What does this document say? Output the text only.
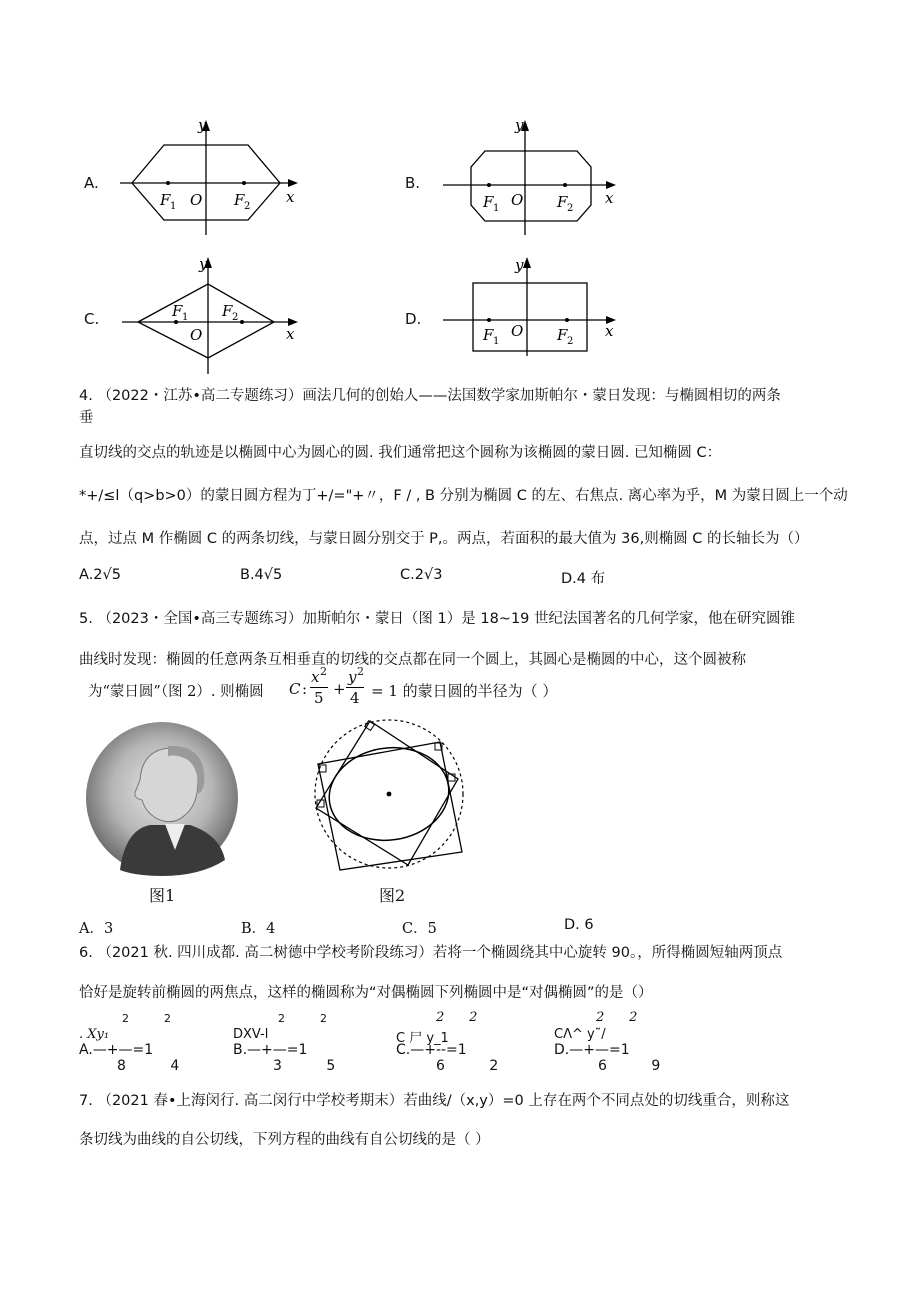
A.
y
x
O
F 1	F 2
B.
y
x
O
F 1	F 2
C.
y
x
O
F 1 F 2	D.
y
x
O
F 1	F 2
4. （2022・江苏•高二专题练习）画法几何的创始人——法国数学家加斯帕尔・蒙日发现：与椭圆相切的两条
垂
直切线的交点的轨迹是以椭圆中心为圆心的圆. 我们通常把这个圆称为该椭圆的蒙日圆. 已知椭圆 C：
*+/≤l（q>b>0）的蒙日圆方程为丁+/="+〃，F / , B 分别为椭圆 C 的左、右焦点. 离心率为乎，M 为蒙日圆上一个动
点，过点 M 作椭圆 C 的两条切线，与蒙日圆分别交于 P,。两点，若面积的最大值为 36,则椭圆 C 的长轴长为（）
A.2√5	B.4√5	C.2√3	D.4 布
5. （2023・全国•高三专题练习）加斯帕尔・蒙日（图 1）是 18~19 世纪法国著名的几何学家，他在研究圆锥
曲线时发现：椭圆的任意两条互相垂直的切线的交点都在同一个圆上，其圆心是椭圆的中心，这个圆被称
为“蒙日圆”（图 2）. 则椭圆 C :
x 2
5 +
y 2
4 = 1 的蒙日圆的半径为（ ）
图1	图2
A．3	B．4	C．5	D. 6
6. （2021 秋. 四川成都. 高二树德中学校考阶段练习）若将一个椭圆绕其中心旋转 90。，所得椭圆短轴两顶点
恰好是旋转前椭圆的两焦点，这样的椭圆称为“对偶椭圆下列椭圆中是“对偶椭圆”的是（）
2          2
. Xy₁
A.—+—=1
8          4
2          2
DXV-l
B.—+—=1
3          5
2      2
C 尸 y_1
C.—+--=1
6          2
2      2
CΛ^ y˜/
D.—+—=1
6          9
7. （2021 春•上海闵行. 高二闵行中学校考期末）若曲线/（x,y）=0 上存在两个不同点处的切线重合，则称这
条切线为曲线的自公切线，下列方程的曲线有自公切线的是（ ）
